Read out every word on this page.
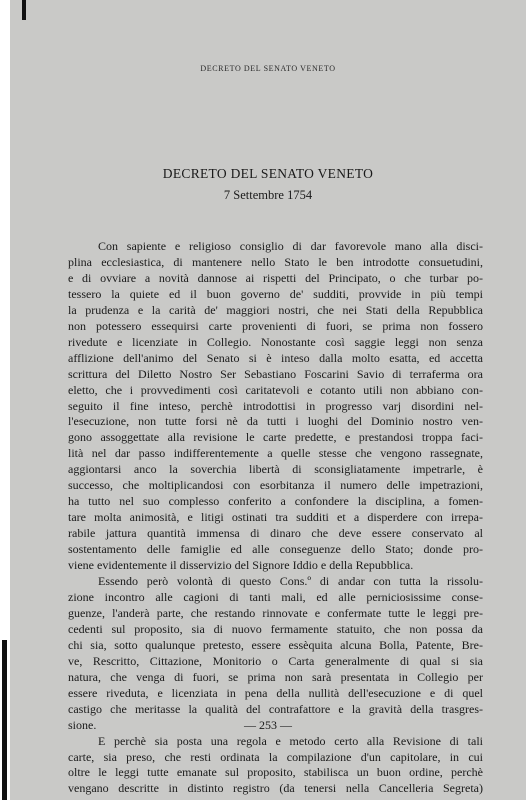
DECRETO DEL SENATO VENETO
DECRETO DEL SENATO VENETO
7 Settembre 1754
Con sapiente e religioso consiglio di dar favorevole mano alla disci-
plina ecclesiastica, di mantenere nello Stato le ben introdotte consuetudini,
e di ovviare a novità dannose ai rispetti del Principato, o che turbar po-
tessero la quiete ed il buon governo de' sudditi, provvide in più tempi
la prudenza e la carità de' maggiori nostri, che nei Stati della Repubblica
non potessero essequirsi carte provenienti di fuori, se prima non fossero
rivedute e licenziate in Collegio. Nonostante così saggie leggi non senza
afflizione dell'animo del Senato si è inteso dalla molto esatta, ed accetta
scrittura del Diletto Nostro Ser Sebastiano Foscarini Savio di terraferma ora
eletto, che i provvedimenti così caritatevoli e cotanto utili non abbiano con-
seguito il fine inteso, perchè introdottisi in progresso varj disordini nel-
l'esecuzione, non tutte forsi nè da tutti i luoghi del Dominio nostro ven-
gono assoggettate alla revisione le carte predette, e prestandosi troppa faci-
lità nel dar passo indifferentemente a quelle stesse che vengono rassegnate,
aggiontarsi anco la soverchia libertà di sconsigliatamente impetrarle, è
successo, che moltiplicandosi con esorbitanza il numero delle impetrazioni,
ha tutto nel suo complesso conferito a confondere la disciplina, a fomen-
tare molta animosità, e litigi ostinati tra sudditi et a disperdere con irrepa-
rabile jattura quantità immensa di dinaro che deve essere conservato al
sostentamento delle famiglie ed alle conseguenze dello Stato; donde pro-
viene evidentemente il disservizio del Signore Iddio e della Repubblica.
Essendo però volontà di questo Cons.º di andar con tutta la rissolu-
zione incontro alle cagioni di tanti mali, ed alle perniciosissime conse-
guenze, l'anderà parte, che restando rinnovate e confermate tutte le leggi pre-
cedenti sul proposito, sia di nuovo fermamente statuito, che non possa da
chi sia, sotto qualunque pretesto, essere essèquita alcuna Bolla, Patente, Bre-
ve, Rescritto, Cittazione, Monitorio o Carta generalmente di qual si sia
natura, che venga di fuori, se prima non sarà presentata in Collegio per
essere riveduta, e licenziata in pena della nullità dell'esecuzione e di quel
castigo che meritasse la qualità del contrafattore e la gravità della trasgres-
sione.
E perchè sia posta una regola e metodo certo alla Revisione di tali
carte, sia preso, che resti ordinata la compilazione d'un capitolare, in cui
oltre le leggi tutte emanate sul proposito, stabilisca un buon ordine, perchè
vengano descritte in distinto registro (da tenersi nella Cancelleria Segreta)
— 253 —
